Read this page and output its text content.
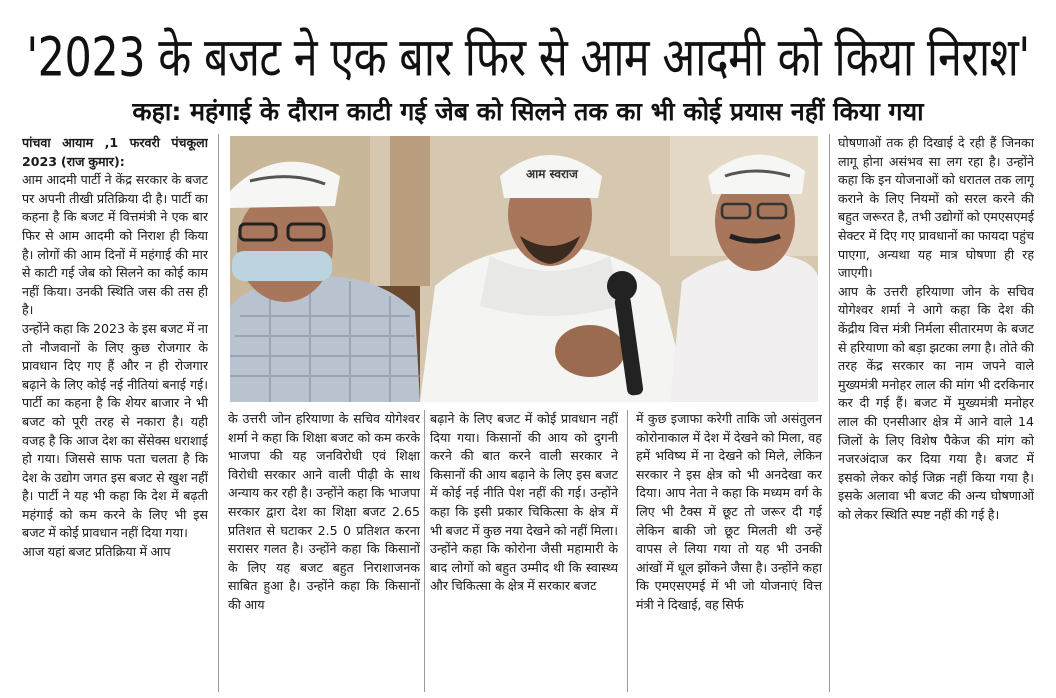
'2023 के बजट ने एक बार फिर से आम आदमी को किया निराश'
कहा: महंगाई के दौरान काटी गई जेब को सिलने तक का भी कोई प्रयास नहीं किया गया

पांचवा आयाम ,1 फरवरी पंचकूला 2023 (राज कुमार):

आम आदमी पार्टी ने केंद्र सरकार के बजट पर अपनी तीखी प्रतिक्रिया दी है। पार्टी का कहना है कि बजट में वित्तमंत्री ने एक बार फिर से आम आदमी को निराश ही किया है। लोगों की आम दिनों में महंगाई की मार से काटी गई जेब को सिलने का कोई काम नहीं किया। उनकी स्थिति जस की तस ही है।

उन्होंने कहा कि 2023 के इस बजट में ना तो नौजवानों के लिए कुछ रोजगार के प्रावधान दिए गए हैं और न ही रोजगार बढ़ाने के लिए कोई नई नीतियां बनाई गई। पार्टी का कहना है कि शेयर बाजार ने भी बजट को पूरी तरह से नकारा है। यही वजह है कि आज देश का सेंसेक्स धराशाई हो गया। जिससे साफ पता चलता है कि देश के उद्योग जगत इस बजट से खुश नहीं है। पार्टी ने यह भी कहा कि देश में बढ़ती महंगाई को कम करने के लिए भी इस बजट में कोई प्रावधान नहीं दिया गया।

आज यहां बजट प्रतिक्रिया में आप

आम स्वराज

के उत्तरी जोन हरियाणा के सचिव योगेश्वर शर्मा ने कहा कि शिक्षा बजट को कम करके भाजपा की यह जनविरोधी एवं शिक्षा विरोधी सरकार आने वाली पीढ़ी के साथ अन्याय कर रही है। उन्होंने कहा कि भाजपा सरकार द्वारा देश का शिक्षा बजट 2.65 प्रतिशत से घटाकर 2.5 0 प्रतिशत करना सरासर गलत है। उन्होंने कहा कि किसानों के लिए यह बजट बहुत निराशाजनक साबित हुआ है। उन्होंने कहा कि किसानों की आय

बढ़ाने के लिए बजट में कोई प्रावधान नहीं दिया गया। किसानों की आय को दुगनी करने की बात करने वाली सरकार ने किसानों की आय बढ़ाने के लिए इस बजट में कोई नई नीति पेश नहीं की गई। उन्होंने कहा कि इसी प्रकार चिकित्सा के क्षेत्र में भी बजट में कुछ नया देखने को नहीं मिला। उन्होंने कहा कि कोरोना जैसी महामारी के बाद लोगों को बहुत उम्मीद थी कि स्वास्थ्य और चिकित्सा के क्षेत्र में सरकार बजट

में कुछ इजाफा करेगी ताकि जो असंतुलन कोरोनाकाल में देश में देखने को मिला, वह हमें भविष्य में ना देखने को मिले, लेकिन सरकार ने इस क्षेत्र को भी अनदेखा कर दिया। आप नेता ने कहा कि मध्यम वर्ग के लिए भी टैक्स में छूट तो जरूर दी गई लेकिन बाकी जो छूट मिलती थी उन्हें वापस ले लिया गया तो यह भी उनकी आंखों में धूल झोंकने जैसा है। उन्होंने कहा कि एमएसएमई में भी जो योजनाएं वित्त मंत्री ने दिखाई, वह सिर्फ

घोषणाओं तक ही दिखाई दे रही हैं जिनका लागू होना असंभव सा लग रहा है। उन्होंने कहा कि इन योजनाओं को धरातल तक लागू कराने के लिए नियमों को सरल करने की बहुत जरूरत है, तभी उद्योगों को एमएसएमई सेक्टर में दिए गए प्रावधानों का फायदा पहुंच पाएगा, अन्यथा यह मात्र घोषणा ही रह जाएगी।

आप के उत्तरी हरियाणा जोन के सचिव योगेश्वर शर्मा ने आगे कहा कि देश की केंद्रीय वित्त मंत्री निर्मला सीतारमण के बजट से हरियाणा को बड़ा झटका लगा है। तोते की तरह केंद्र सरकार का नाम जपने वाले मुख्यमंत्री मनोहर लाल की मांग भी दरकिनार कर दी गई हैं। बजट में मुख्यमंत्री मनोहर लाल की एनसीआर क्षेत्र में आने वाले 14 जिलों के लिए विशेष पैकेज की मांग को नजरअंदाज कर दिया गया है। बजट में इसको लेकर कोई जिक्र नहीं किया गया है। इसके अलावा भी बजट की अन्य घोषणाओं को लेकर स्थिति स्पष्ट नहीं की गई है।
